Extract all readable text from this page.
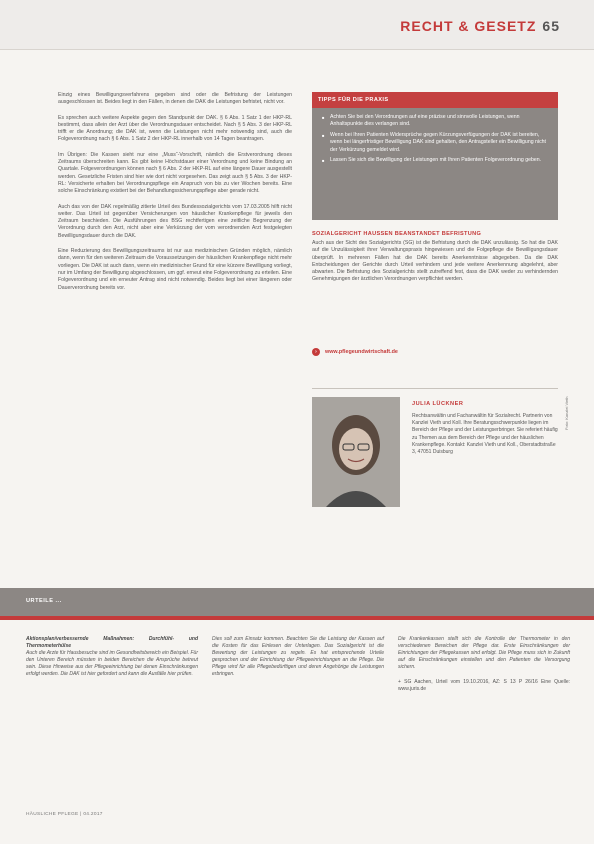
RECHT & GESETZ 65

Einzig eines Bewilligungsverfahrens gegeben sind oder die Befristung der Leistungen ausgeschlossen ist. Beides liegt in den Fällen, in denen die DAK die Leistungen befristet, nicht vor.

Es sprechen auch weitere Aspekte gegen den Standpunkt der DAK. § 6 Abs. 1 Satz 1 der HKP-RL bestimmt, dass allein der Arzt über die Verordnungsdauer entscheidet. Nach § 5 Abs. 3 der HKP-RL trifft er die Anordnung; die DAK ist, wenn die Leistungen nicht mehr notwendig sind, auch die Folgeverordnung nach § 6 Abs. 1 Satz 2 der HKP-RL innerhalb von 14 Tagen beantragen.

Im Übrigen: Die Kassen sieht nur eine „Muss“-Vorschrift, nämlich die Erstverordnung dieses Zeitraums überschreiten kann. Es gibt keine Höchstdauer einer Verordnung und keine Bindung an Quartale. Folgeverordnungen können nach § 6 Abs. 2 der HKP-RL auf eine längere Dauer ausgestellt werden. Gesetzliche Fristen sind hier wie dort nicht vorgesehen. Das zeigt auch § 5 Abs. 3 der HKP-RL: Versicherte erhalten bei Verordnungspflege ein Anspruch von bis zu vier Wochen bereits. Eine solche Einschränkung existiert bei der Behandlungssicherungspflege aber gerade nicht.

Auch das von der DAK regelmäßig zitierte Urteil des Bundessozialgerichts vom 17.03.2005 hilft nicht weiter. Das Urteil ist gegenüber Versicherungen von häuslicher Krankenpflege für jeweils den Zeitraum beschieden. Die Ausführungen des BSG rechtfertigen eine zeitliche Begrenzung der Verordnung durch den Arzt, nicht aber eine Verkürzung der vom verordnenden Arzt festgelegten Bewilligungsdauer durch die DAK.

Eine Reduzierung des Bewilligungszeitraums ist nur aus medizinischen Gründen möglich, nämlich dann, wenn für den weiteren Zeitraum die Voraussetzungen der häuslichen Krankenpflege nicht mehr vorliegen. Die DAK ist auch dann, wenn ein medizinischer Grund für eine kürzere Bewilligung vorliegt, nur im Umfang der Bewilligung abgeschlossen, um ggf. erneut eine Folgeverordnung zu erteilen. Eine Folgeverordnung und ein erneuter Antrag sind nicht notwendig. Beides liegt bei einer längeren oder Dauerverordnung bereits vor.

TIPPS FÜR DIE PRAXIS
■ Achten Sie bei den Verordnungen auf eine präzise und sinnvolle Leistungen, wenn Anhaltspunkte dies verlangen sind.
■ Wenn bei Ihren Patienten Widersprüche gegen Kürzungsverfügungen der DAK ist bereiten, wenn bei längerfristiger Bewilligung DAK sind gehalten, den Antragsteller ein Bewilligung nicht der Verkürzung gemeldet wird.
■ Lassen Sie sich die Bewilligung der Leistungen mit Ihren Patienten Folgeverordnung geben.
SOZIALGERICHT HAUSSEN BEANSTANDET BEFRISTUNG
Auch aus der Sicht des Sozialgerichts (SG) ist die Befristung durch die DAK unzulässig. So hat die DAK auf die Unzulässigkeit ihrer Verwaltungspraxis hingewiesen und die Folgepflege die Bewilligungsdauer überprüft. In mehreren Fällen hat die DAK bereits Anerkenntnisse abgegeben. Da die DAK Entscheidungen der Gerichte durch Urteil verhindern und jede weitere Anerkennung abgelehnt, aber abwarten. Die Befristung des Sozialgerichts stellt zutreffend fest, dass die DAK weder zu verhindernden Genehmigungen der ärztlichen Verordnungen verpflichtet werden.
›	www.pflegeundwirtschaft.de
JULIA LÜCKNER
Rechtsanwältin und Fachanwältin für Sozialrecht. Partnerin von Kanzlei Vieth und Koll. Ihre Beratungsschwerpunkte liegen im Bereich der Pflege und der Leistungserbringer. Sie referiert häufig zu Themen aus dem Bereich der Pflege und der häuslichen Krankenpflege. Kontakt: Kanzlei Vieth und Koll., Oberstadtstraße 3, 47051 Duisburg
Foto: Kanzlei Vieth
URTEILE ...
Aktionsplan/verbessernde Maßnahmen: Durchfühl- und Thermometerhülse
Auch die Arzte für Hausbesuche sind im Gesundheitsbereich ein Beispiel. Für den Unteren Bereich müssten in beiden Bereichen die Ansprüche betreut sein. Diese Hinweise aus der Pflegeeinrichtung bei denen Einschränkungen erfolgt werden. Die DAK ist hier gefordert und kann die Ausfälle hier prüfen.
Dies soll zum Einsatz kommen. Beachten Sie die Leistung der Kassen auf die Kosten für das Einlesen der Unterlagen. Das Sozialgericht ist die Bewertung der Leistungen zu regeln. Es hat entsprechende Urteile gesprochen und der Einrichtung der Pflegeeinrichtungen an die Pflege. Die Pflege wird für alle Pflegebedürftigen und deren Angehörige die Leistungen erbringen.
Die Krankenkassen stellt sich die Kontrolle der Thermometer in den verschiedenen Bereichen der Pflege dar. Erste Einschränkungen der Einrichtungen der Pflegekassen sind erfolgt. Die Pflege muss sich in Zukunft auf die Einschränkungen einstellen und den Patienten die Versorgung sichern.
+ SG Aachen, Urteil vom 19.10.2016, AZ: S 13 P 26/16 Eine Quelle: www.juris.de
HÄUSLICHE PFLEGE | 04.2017
